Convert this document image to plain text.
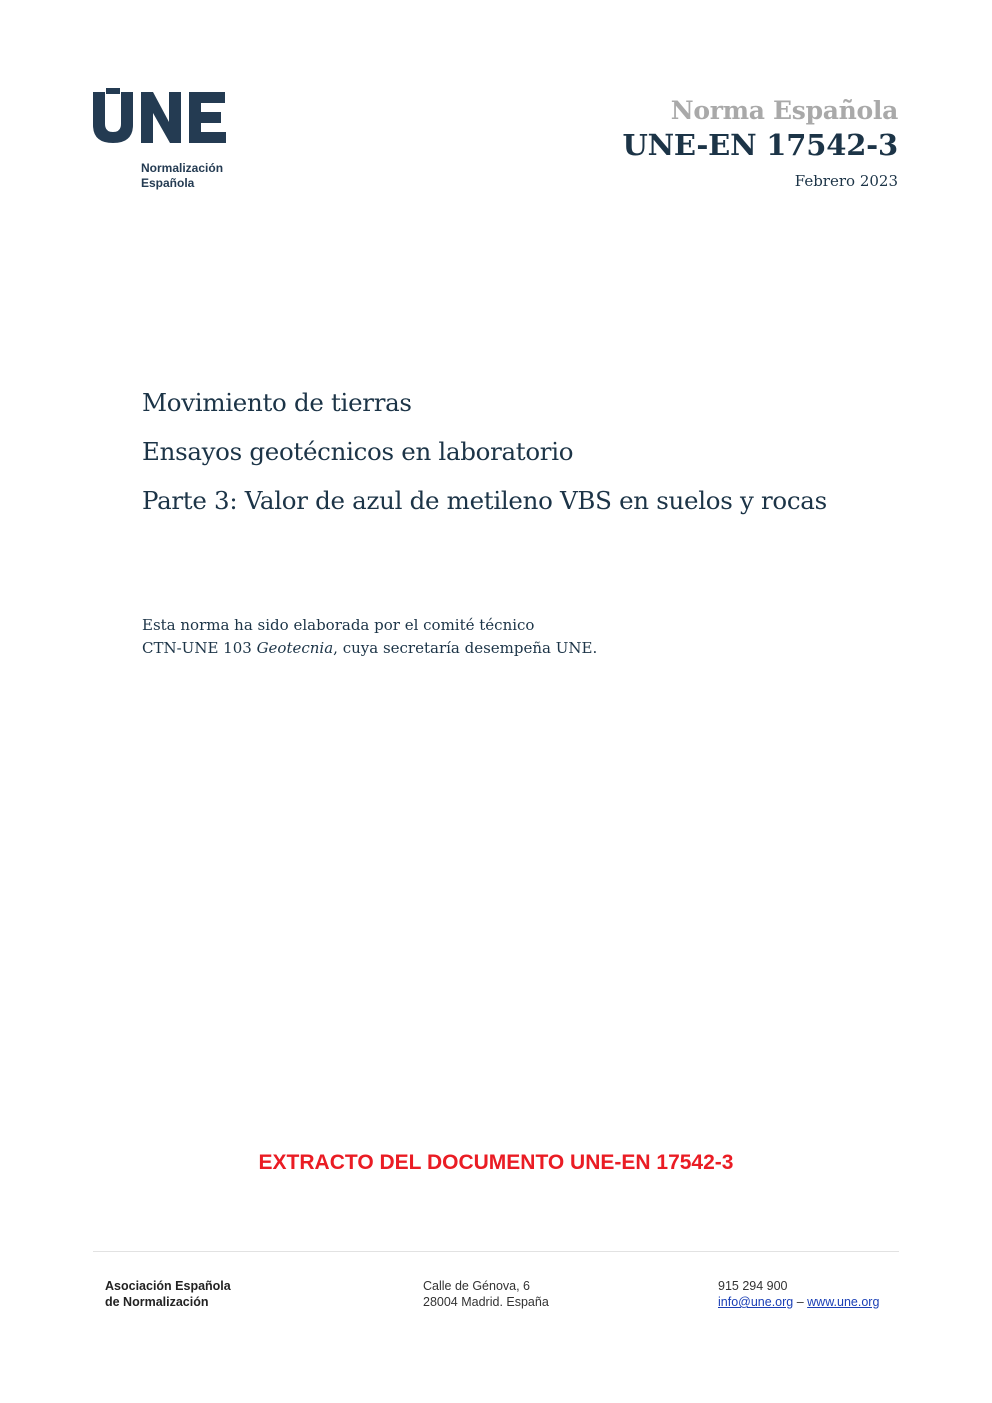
Normalización
Española
Norma Española
UNE-EN 17542-3
Febrero 2023
Movimiento de tierras
Ensayos geotécnicos en laboratorio
Parte 3: Valor de azul de metileno VBS en suelos y rocas
Esta norma ha sido elaborada por el comité técnico
CTN-UNE 103 Geotecnia, cuya secretaría desempeña UNE.
EXTRACTO DEL DOCUMENTO UNE-EN 17542-3
Asociación Española
de Normalización
Calle de Génova, 6
28004 Madrid. España
915 294 900
info@une.org – www.une.org
